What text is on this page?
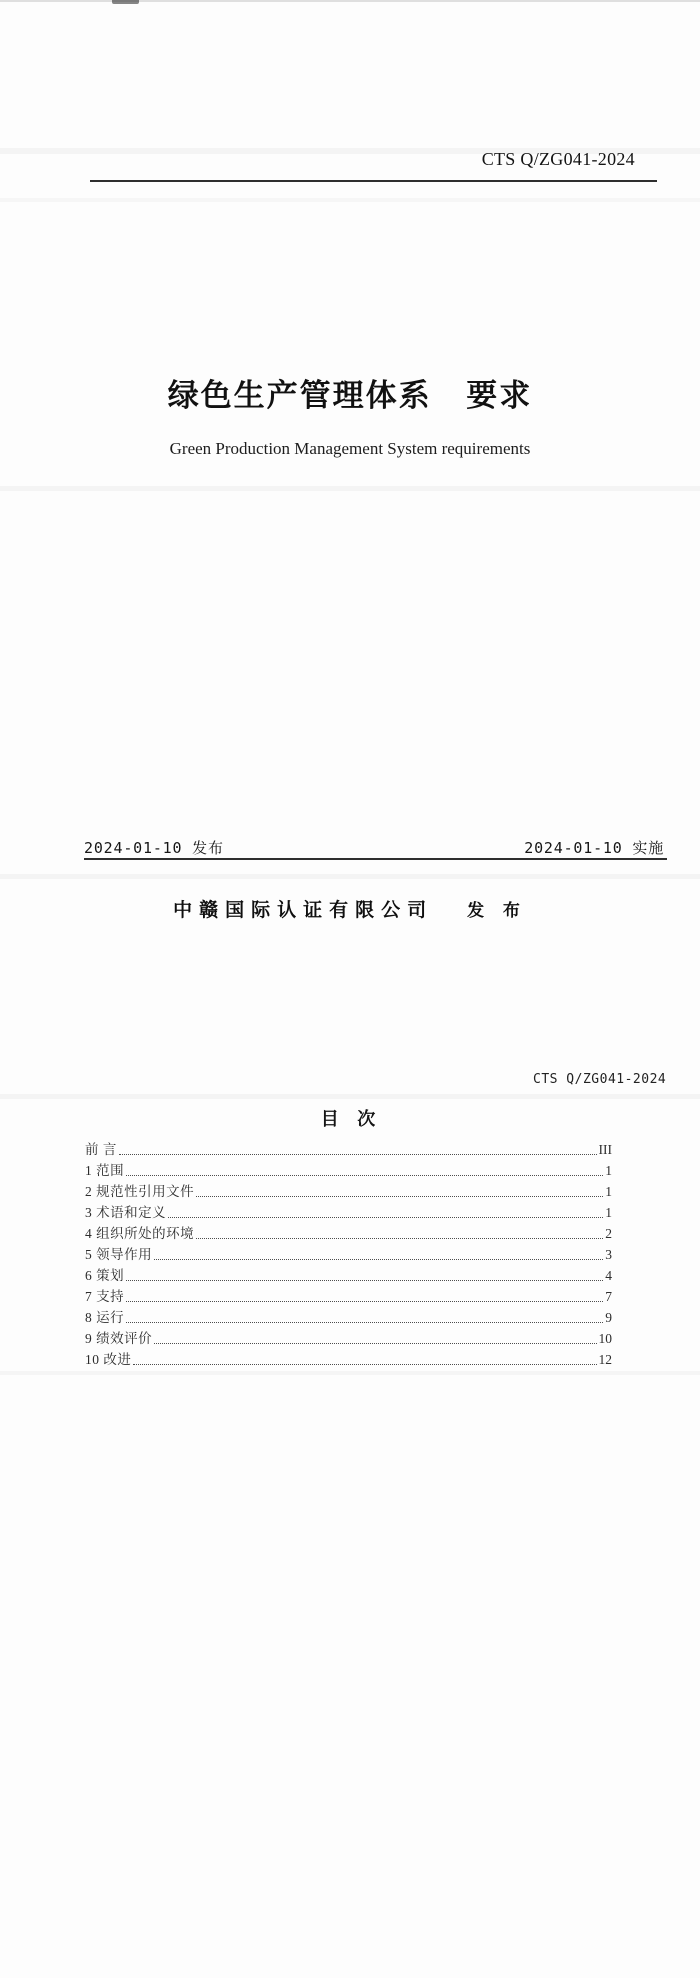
CTS Q/ZG041-2024
绿色生产管理体系 要求
Green Production Management System requirements
2024-01-10 发布	2024-01-10 实施
中赣国际认证有限公司 发 布
CTS Q/ZG041-2024
目 次
前 言	III
1 范围	1
2 规范性引用文件	1
3 术语和定义	1
4 组织所处的环境	2
5 领导作用	3
6 策划	4
7 支持	7
8 运行	9
9 绩效评价	10
10 改进	12
